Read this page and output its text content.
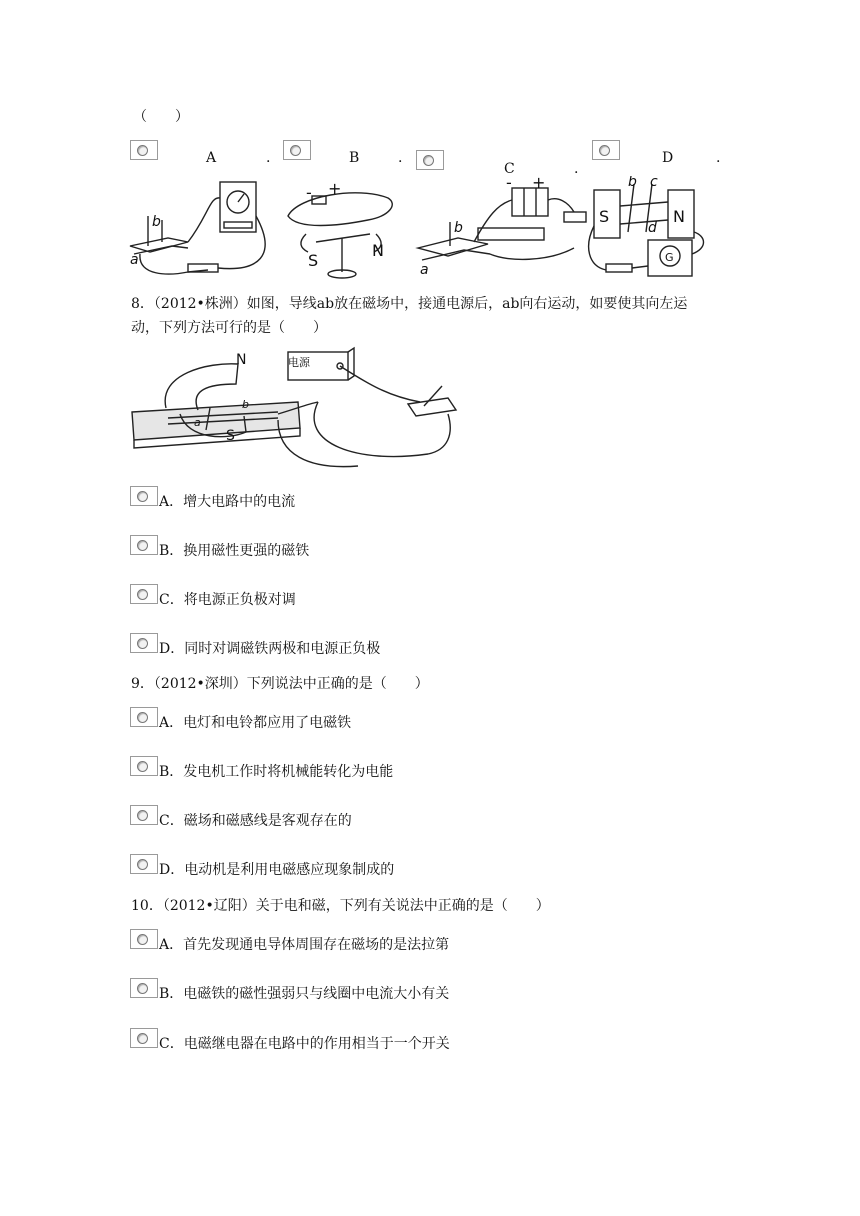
（　　）
A	.	B	.
C	.
D	.
a
b
a
b
b c
d
- +
S
N
- +
S	N
G
8．（2012•株洲）如图，导线ab放在磁场中，接通电源后，ab向右运动，如要使其向左运
动，下列方法可行的是（　　）
电源
N
S
a
b
A．增大电路中的电流
B．换用磁性更强的磁铁
C．将电源正负极对调
D．同时对调磁铁两极和电源正负极
9．（2012•深圳）下列说法中正确的是（　　）
A．电灯和电铃都应用了电磁铁
B．发电机工作时将机械能转化为电能
C．磁场和磁感线是客观存在的
D．电动机是利用电磁感应现象制成的
10．（2012•辽阳）关于电和磁，下列有关说法中正确的是（　　）
A．首先发现通电导体周围存在磁场的是法拉第
B．电磁铁的磁性强弱只与线圈中电流大小有关
C．电磁继电器在电路中的作用相当于一个开关
